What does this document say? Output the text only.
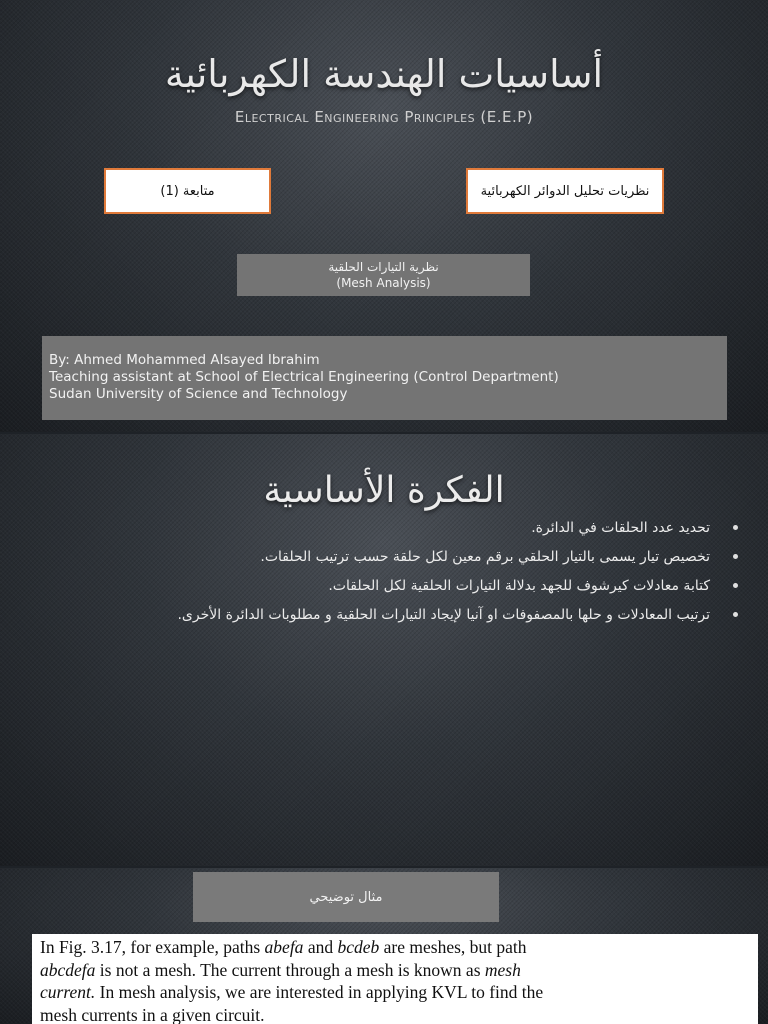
أساسيات الهندسة الكهربائية
Electrical Engineering Principles (E.E.P)
نظريات تحليل الدوائر الكهربائية
متابعة (1)
نظرية التيارات الحلقية
(Mesh Analysis)
By: Ahmed Mohammed Alsayed Ibrahim
Teaching assistant at School of Electrical Engineering (Control Department)
Sudan University of Science and Technology
الفكرة الأساسية
تحديد عدد الحلقات في الدائرة.
تخصيص تيار يسمى بالتيار الحلقي برقم معين لكل حلقة حسب ترتيب الحلقات.
كتابة معادلات كيرشوف للجهد بدلالة التيارات الحلقية لكل الحلقات.
ترتيب المعادلات و حلها بالمصفوفات او آنيا لإيجاد التيارات الحلقية و مطلوبات الدائرة الأخرى.
مثال توضيحي
In Fig. 3.17, for example, paths abefa and bcdeb are meshes, but path
abcdefa is not a mesh. The current through a mesh is known as mesh
current. In mesh analysis, we are interested in applying KVL to find the
mesh currents in a given circuit.
